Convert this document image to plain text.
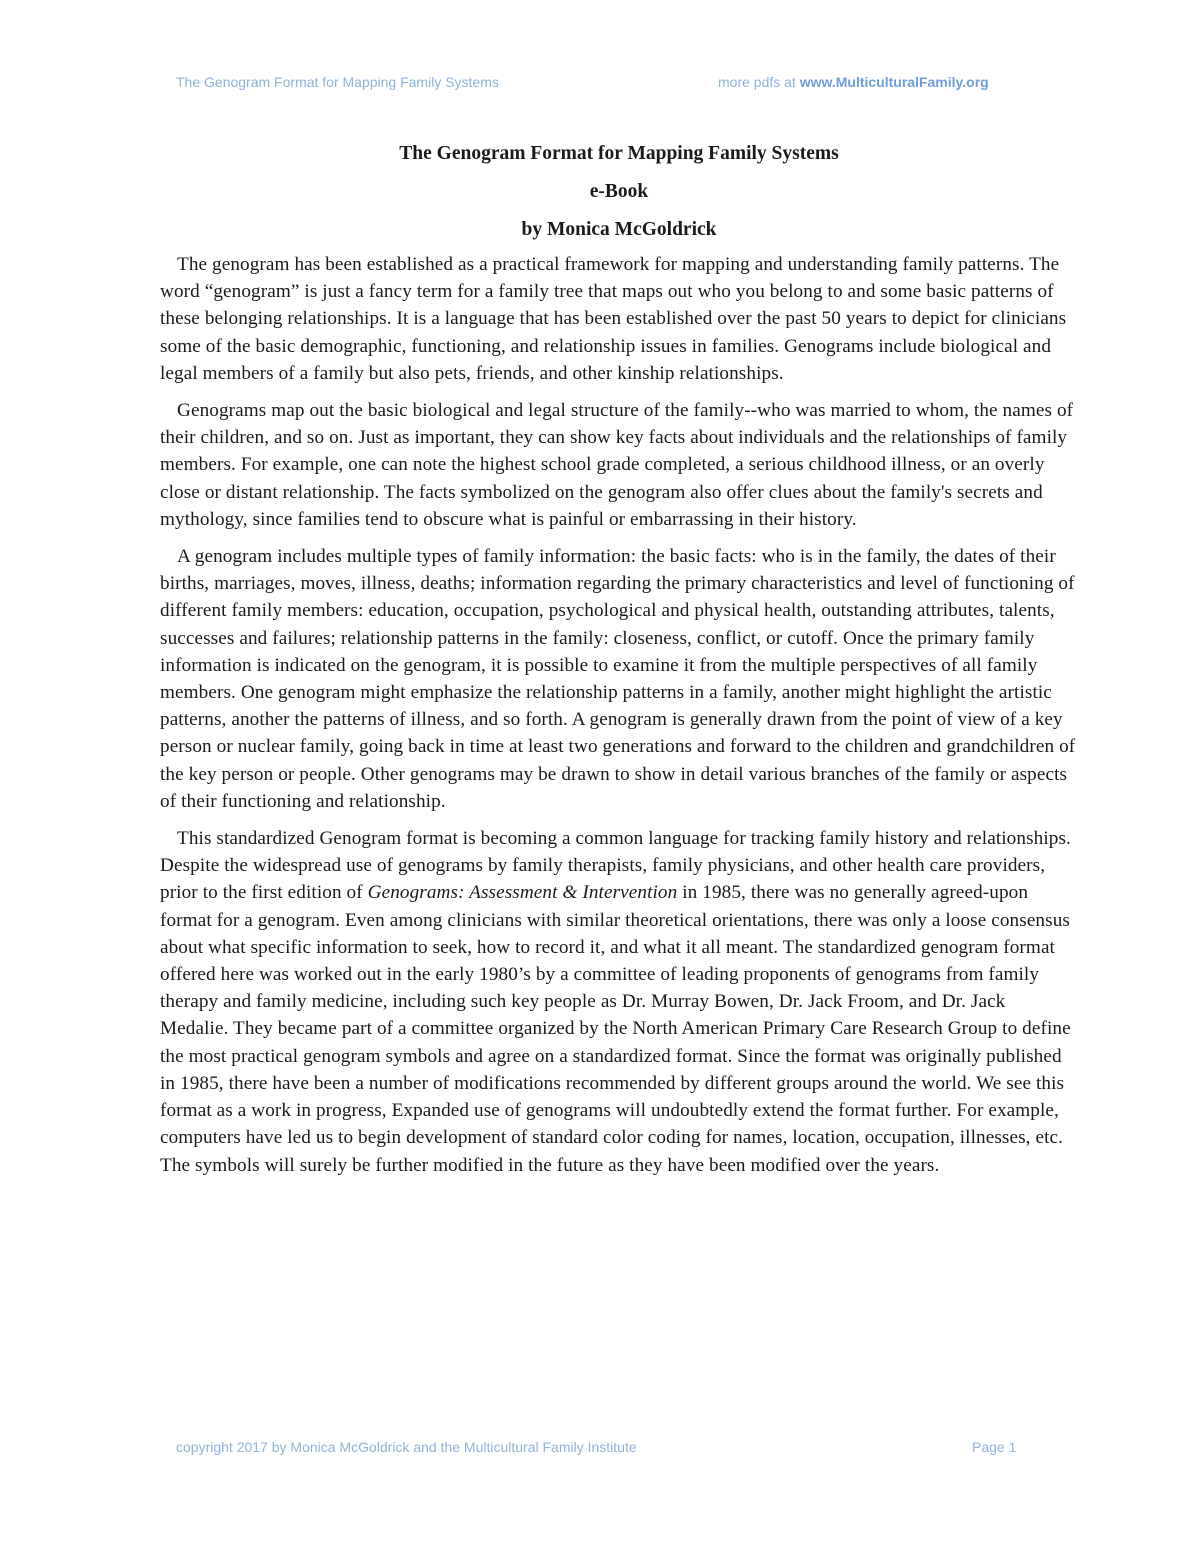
The Genogram Format for Mapping Family Systems	more pdfs at www.MulticulturalFamily.org
The Genogram Format for Mapping Family Systems
e-Book
by Monica McGoldrick

The genogram has been established as a practical framework for mapping and understanding family patterns. The word “genogram” is just a fancy term for a family tree that maps out who you belong to and some basic patterns of these belonging relationships. It is a language that has been established over the past 50 years to depict for clinicians some of the basic demographic, functioning, and relationship issues in families. Genograms include biological and legal members of a family but also pets, friends, and other kinship relationships.

Genograms map out the basic biological and legal structure of the family--who was married to whom, the names of their children, and so on. Just as important, they can show key facts about individuals and the relationships of family members. For example, one can note the highest school grade completed, a serious childhood illness, or an overly close or distant relationship. The facts symbolized on the genogram also offer clues about the family's secrets and mythology, since families tend to obscure what is painful or embarrassing in their history.

A genogram includes multiple types of family information: the basic facts: who is in the family, the dates of their births, marriages, moves, illness, deaths; information regarding the primary characteristics and level of functioning of different family members: education, occupation, psychological and physical health, outstanding attributes, talents, successes and failures; relationship patterns in the family: closeness, conflict, or cutoff. Once the primary family information is indicated on the genogram, it is possible to examine it from the multiple perspectives of all family members. One genogram might emphasize the relationship patterns in a family, another might highlight the artistic patterns, another the patterns of illness, and so forth. A genogram is generally drawn from the point of view of a key person or nuclear family, going back in time at least two generations and forward to the children and grandchildren of the key person or people. Other genograms may be drawn to show in detail various branches of the family or aspects of their functioning and relationship.

This standardized Genogram format is becoming a common language for tracking family history and relationships. Despite the widespread use of genograms by family therapists, family physicians, and other health care providers, prior to the first edition of Genograms: Assessment & Intervention in 1985, there was no generally agreed-upon format for a genogram. Even among clinicians with similar theoretical orientations, there was only a loose consensus about what specific information to seek, how to record it, and what it all meant. The standardized genogram format offered here was worked out in the early 1980’s by a committee of leading proponents of genograms from family therapy and family medicine, including such key people as Dr. Murray Bowen, Dr. Jack Froom, and Dr. Jack Medalie. They became part of a committee organized by the North American Primary Care Research Group to define the most practical genogram symbols and agree on a standardized format. Since the format was originally published in 1985, there have been a number of modifications recommended by different groups around the world. We see this format as a work in progress, Expanded use of genograms will undoubtedly extend the format further. For example, computers have led us to begin development of standard color coding for names, location, occupation, illnesses, etc. The symbols will surely be further modified in the future as they have been modified over the years.

copyright 2017 by Monica McGoldrick and the Multicultural Family Institute	Page 1
